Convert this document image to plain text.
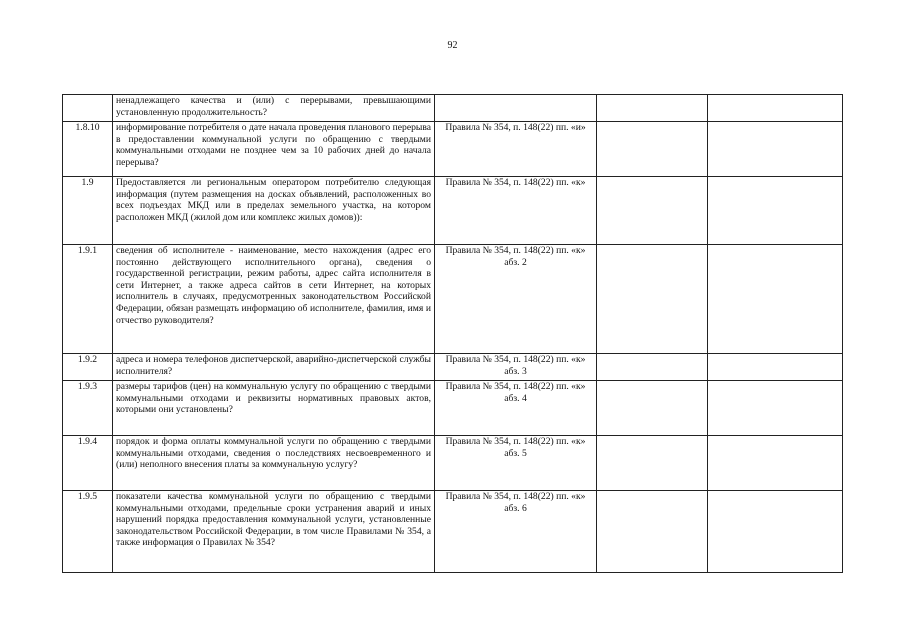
92
	ненадлежащего качества и (или) с перерывами, превышающими установленную продолжительность?			
1.8.10	информирование потребителя о дате начала проведения планового перерыва в предоставлении коммунальной услуги по обращению с твердыми коммунальными отходами не позднее чем за 10 рабочих дней до начала перерыва?	Правила № 354, п. 148(22) пп. «и»		
1.9	Предоставляется ли региональным оператором потребителю следующая информация (путем размещения на досках объявлений, расположенных во всех подъездах МКД или в пределах земельного участка, на котором расположен МКД (жилой дом или комплекс жилых домов)):	Правила № 354, п. 148(22) пп. «к»		
1.9.1	сведения об исполнителе - наименование, место нахождения (адрес его постоянно действующего исполнительного органа), сведения о государственной регистрации, режим работы, адрес сайта исполнителя в сети Интернет, а также адреса сайтов в сети Интернет, на которых исполнитель в случаях, предусмотренных законодательством Российской Федерации, обязан размещать информацию об исполнителе, фамилия, имя и отчество руководителя?	Правила № 354, п. 148(22) пп. «к» абз. 2		
1.9.2	адреса и номера телефонов диспетчерской, аварийно-диспетчерской службы исполнителя?	Правила № 354, п. 148(22) пп. «к» абз. 3		
1.9.3	размеры тарифов (цен) на коммунальную услугу по обращению с твердыми коммунальными отходами и реквизиты нормативных правовых актов, которыми они установлены?	Правила № 354, п. 148(22) пп. «к» абз. 4		
1.9.4	порядок и форма оплаты коммунальной услуги по обращению с твердыми коммунальными отходами, сведения о последствиях несвоевременного и (или) неполного внесения платы за коммунальную услугу?	Правила № 354, п. 148(22) пп. «к» абз. 5		
1.9.5	показатели качества коммунальной услуги по обращению с твердыми коммунальными отходами, предельные сроки устранения аварий и иных нарушений порядка предоставления коммунальной услуги, установленные законодательством Российской Федерации, в том числе Правилами № 354, а также информация о Правилах № 354?	Правила № 354, п. 148(22) пп. «к» абз. 6		
